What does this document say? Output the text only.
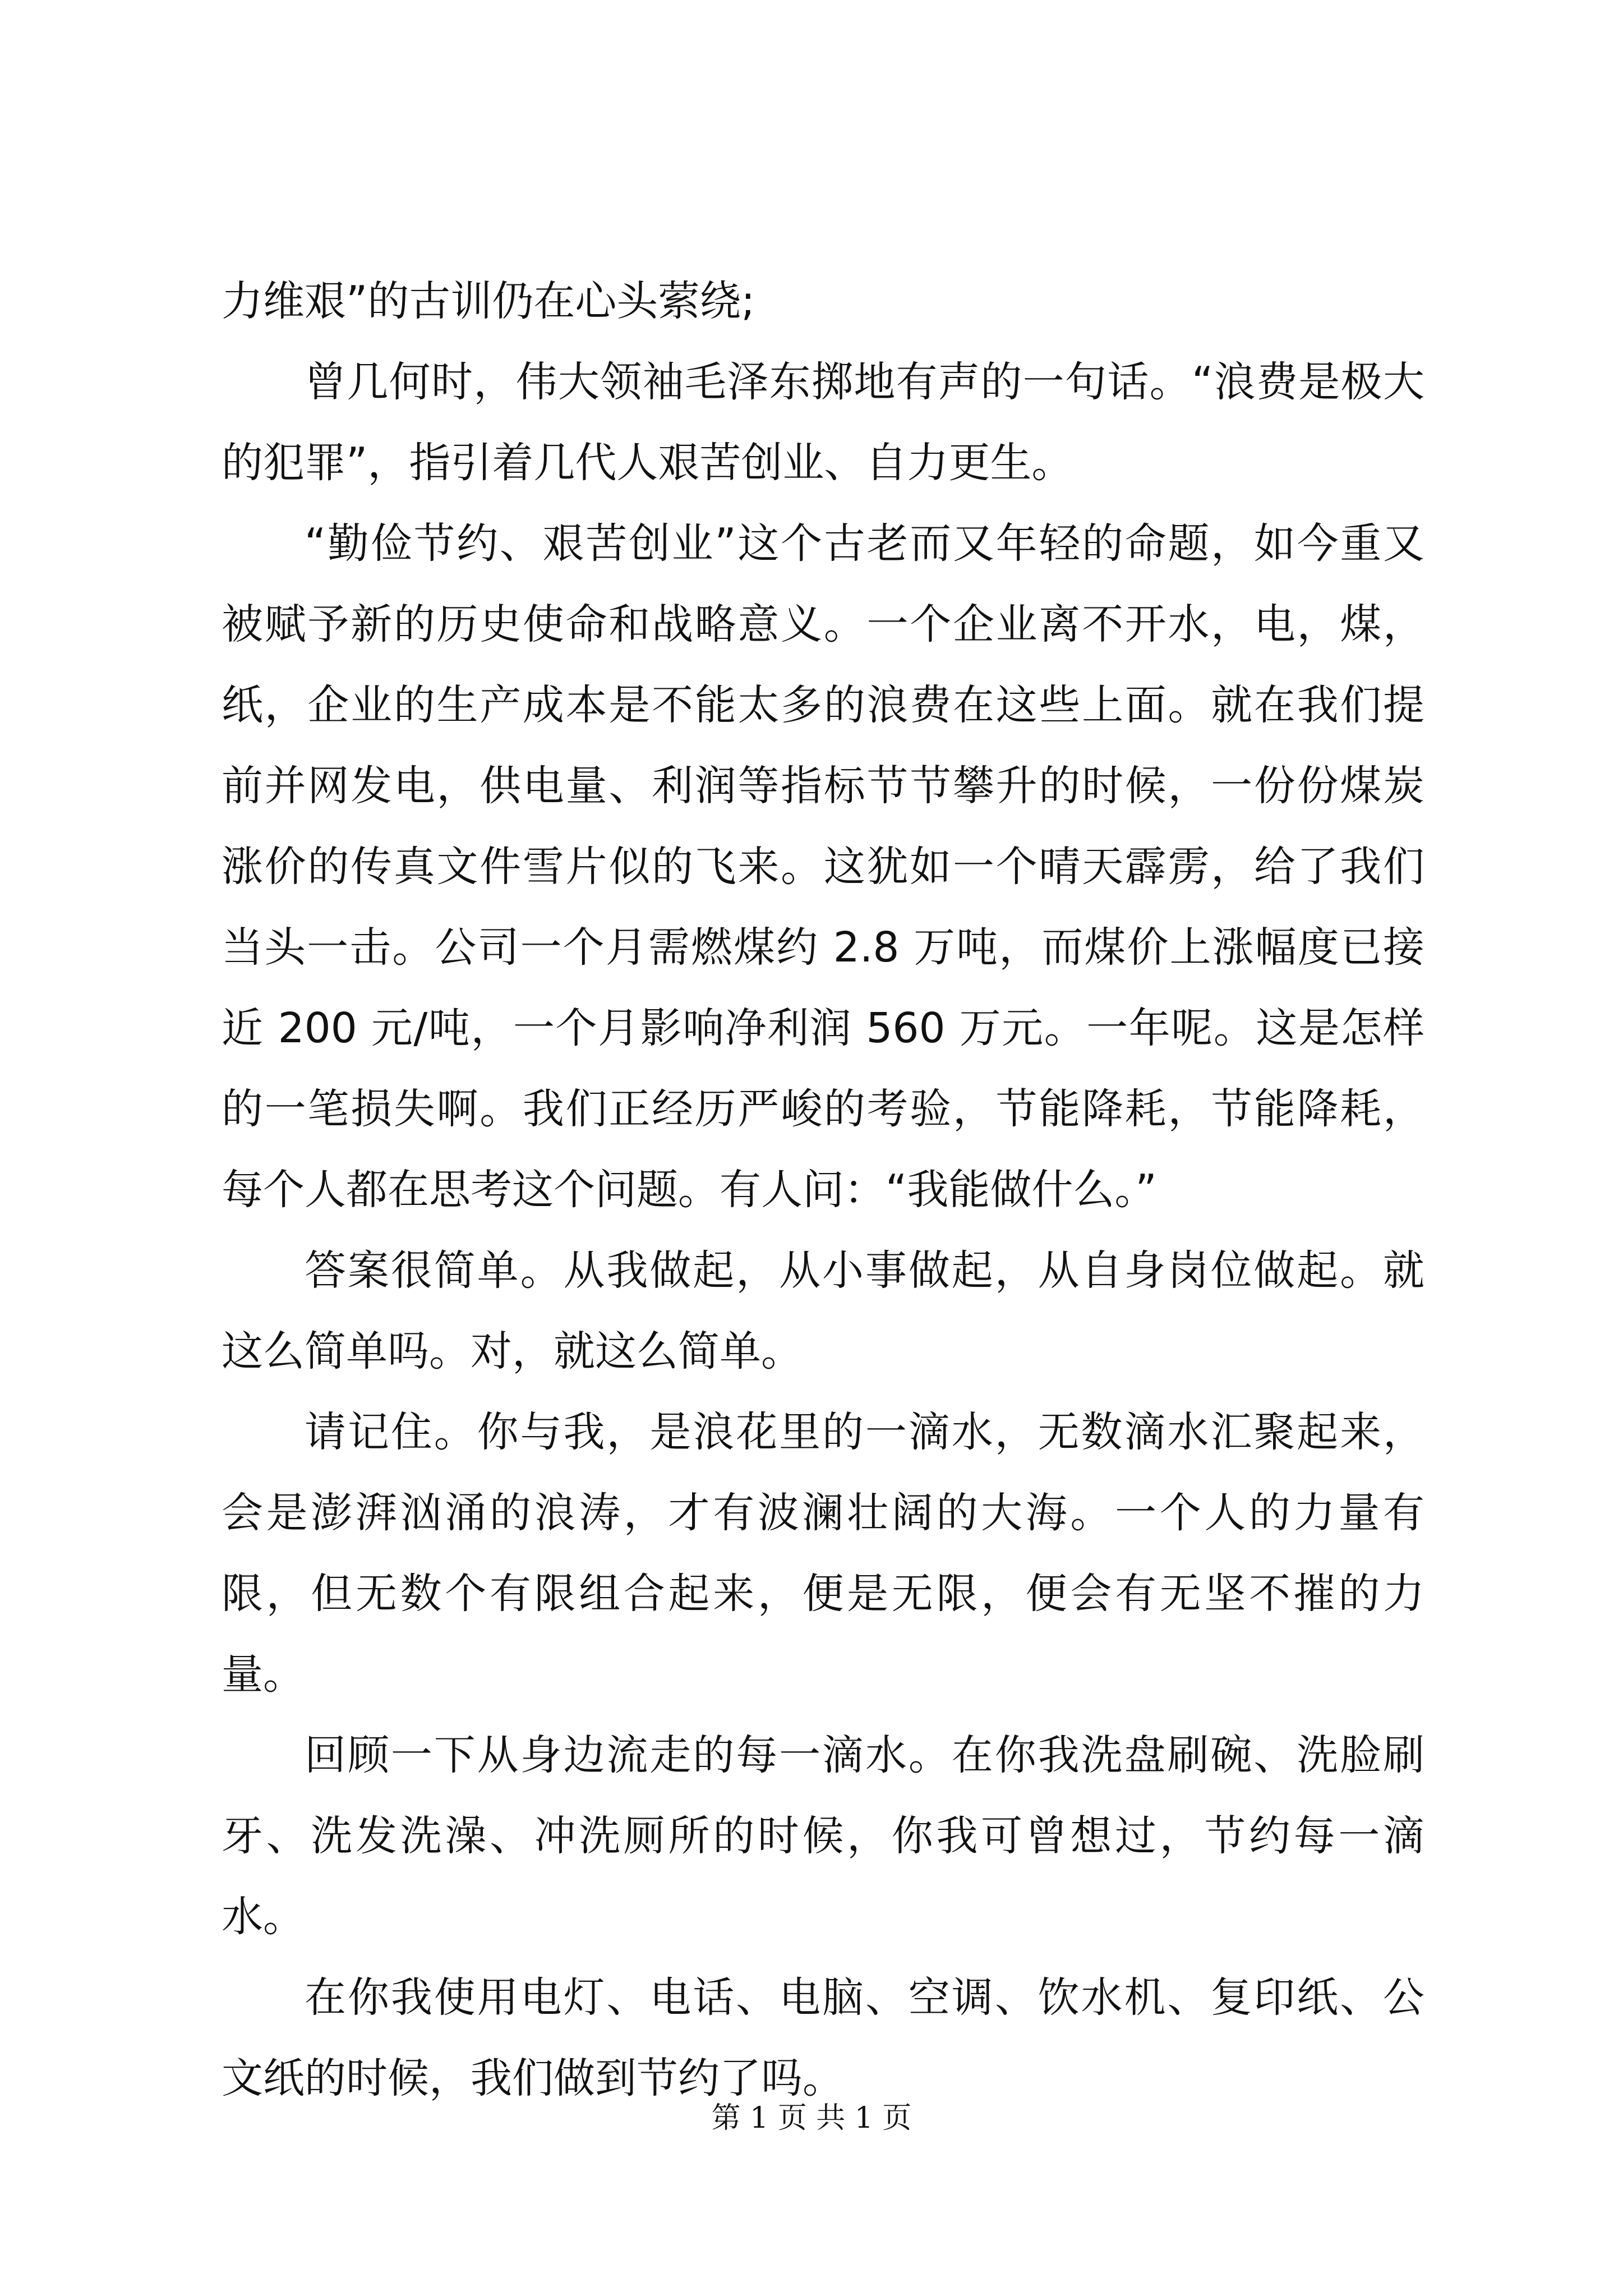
力维艰”的古训仍在心头萦绕;

曾几何时，伟大领袖毛泽东掷地有声的一句话。“浪费是极大的犯罪”，指引着几代人艰苦创业、自力更生。

“勤俭节约、艰苦创业”这个古老而又年轻的命题，如今重又被赋予新的历史使命和战略意义。一个企业离不开水，电，煤，纸，企业的生产成本是不能太多的浪费在这些上面。就在我们提前并网发电，供电量、利润等指标节节攀升的时候，一份份煤炭涨价的传真文件雪片似的飞来。这犹如一个晴天霹雳，给了我们当头一击。公司一个月需燃煤约 2.8 万吨，而煤价上涨幅度已接近 200 元/吨，一个月影响净利润 560 万元。一年呢。这是怎样的一笔损失啊。我们正经历严峻的考验，节能降耗，节能降耗，每个人都在思考这个问题。有人问：“我能做什么。”

答案很简单。从我做起，从小事做起，从自身岗位做起。就这么简单吗。对，就这么简单。

请记住。你与我，是浪花里的一滴水，无数滴水汇聚起来，会是澎湃汹涌的浪涛，才有波澜壮阔的大海。一个人的力量有限，但无数个有限组合起来，便是无限，便会有无坚不摧的力量。

回顾一下从身边流走的每一滴水。在你我洗盘刷碗、洗脸刷牙、洗发洗澡、冲洗厕所的时候，你我可曾想过，节约每一滴水。

在你我使用电灯、电话、电脑、空调、饮水机、复印纸、公文纸的时候，我们做到节约了吗。

第 1 页 共 1 页
